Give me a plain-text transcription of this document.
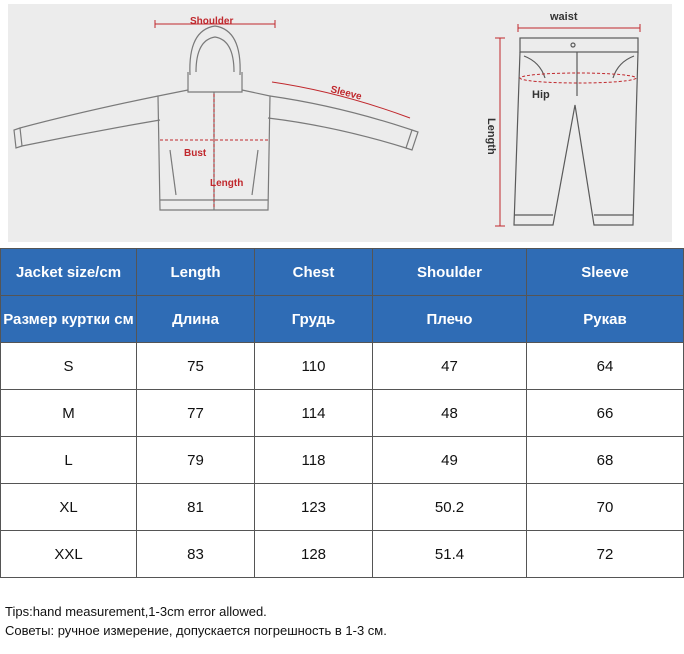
Shoulder
Sleeve
Bust
Length
waist
Hip
Length
Jacket size/cm	Length	Chest	Shoulder	Sleeve	
Размер куртки см	Длина	Грудь	Плечо	Рукав	
S	75	110	47	64	
M	77	114	48	66	
L	79	118	49	68	
XL	81	123	50.2	70	
XXL	83	128	51.4	72	
Tips:hand measurement,1-3cm error allowed.
Советы: ручное измерение, допускается погрешность в 1-3 см.
